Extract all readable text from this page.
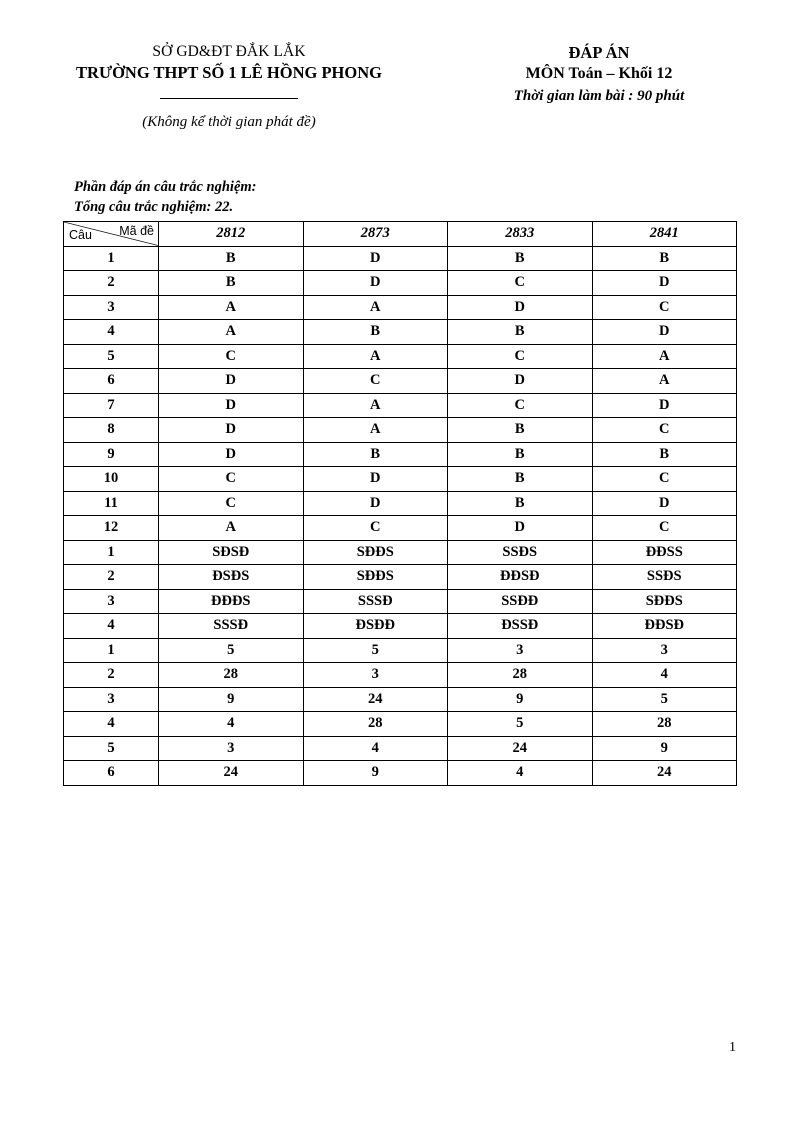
SỞ GD&ĐT ĐẮK LẮK
TRƯỜNG THPT SỐ 1 LÊ HỒNG PHONG
(Không kể thời gian phát đề)
ĐÁP ÁN
MÔN Toán – Khối 12
Thời gian làm bài : 90 phút
Phần đáp án câu trắc nghiệm:
Tổng câu trắc nghiệm: 22.
Mã đề
Câu	2812	2873	2833	2841
1	B	D	B	B
2	B	D	C	D
3	A	A	D	C
4	A	B	B	D
5	C	A	C	A
6	D	C	D	A
7	D	A	C	D
8	D	A	B	C
9	D	B	B	B
10	C	D	B	C
11	C	D	B	D
12	A	C	D	C
1	SĐSĐ	SĐĐS	SSĐS	ĐĐSS
2	ĐSĐS	SĐĐS	ĐĐSĐ	SSĐS
3	ĐĐĐS	SSSĐ	SSĐĐ	SĐĐS
4	SSSĐ	ĐSĐĐ	ĐSSĐ	ĐĐSĐ
1	5	5	3	3
2	28	3	28	4
3	9	24	9	5
4	4	28	5	28
5	3	4	24	9
6	24	9	4	24
1
